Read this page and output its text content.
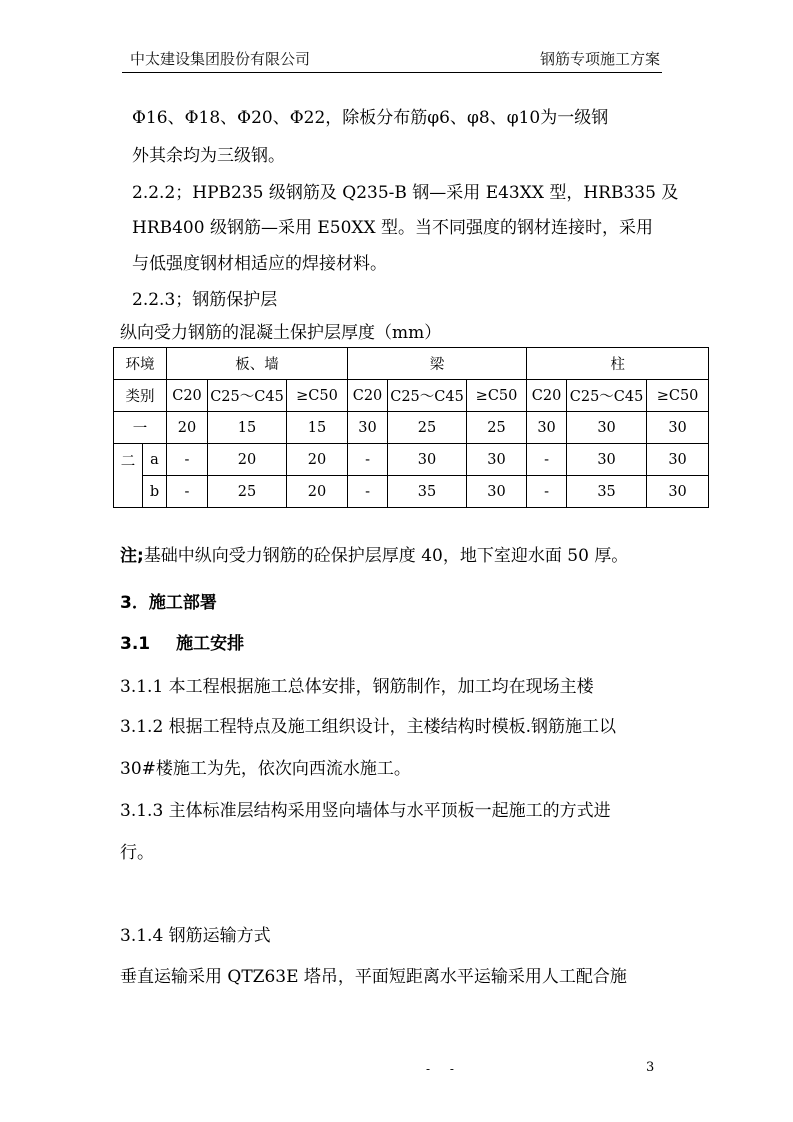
中太建设集团股份有限公司	钢筋专项施工方案
Φ16、Φ18、Φ20、Φ22，除板分布筋φ6、φ8、φ10为一级钢
外其余均为三级钢。
2.2.2；HPB235 级钢筋及 Q235-B 钢—采用 E43XX 型，HRB335 及
HRB400 级钢筋—采用 E50XX 型。当不同强度的钢材连接时，采用
与低强度钢材相适应的焊接材料。
2.2.3；钢筋保护层
纵向受力钢筋的混凝土保护层厚度（mm）
环境		板、墙			梁			柱		
类别		C20	C25～C45	≥C50	C20	C25～C45	≥C50	C20	C25～C45	≥C50
一		20	15	15	30	25	25	30	30	30
二	a	-	20	20	-	30	30	-	30	30
	b	-	25	20	-	35	30	-	35	30
注;基础中纵向受力钢筋的砼保护层厚度 40，地下室迎水面 50 厚。
3．施工部署
3.1 施工安排
3.1.1 本工程根据施工总体安排，钢筋制作，加工均在现场主楼
3.1.2 根据工程特点及施工组织设计，主楼结构时模板.钢筋施工以
30#楼施工为先，依次向西流水施工。
3.1.3 主体标准层结构采用竖向墙体与水平顶板一起施工的方式进
行。
3.1.4 钢筋运输方式
垂直运输采用 QTZ63E 塔吊，平面短距离水平运输采用人工配合施
- -	3
